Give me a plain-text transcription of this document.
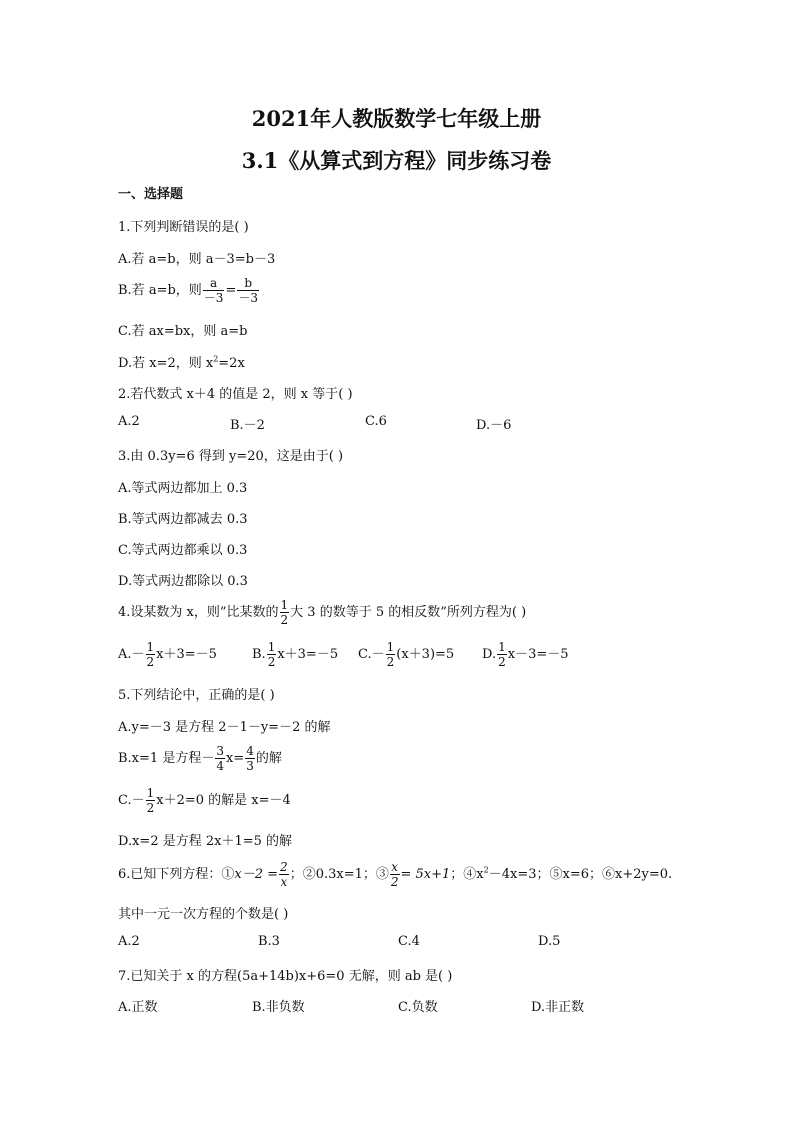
2021年人教版数学七年级上册
3.1《从算式到方程》同步练习卷
一、选择题
1.下列判断错误的是( )
A.若 a=b，则 a－3=b－3
B.若 a=b，则 $\frac{a}{-3} = \frac{b}{-3}$
C.若 ax=bx，则 a=b
D.若 x=2，则 $x^2=2x$
2.若代数式 x＋4 的值是 2，则 x 等于( )
A.2	B.－2	C.6	D.－6
3.由 0.3y=6 得到 y=20，这是由于( )
A.等式两边都加上 0.3
B.等式两边都减去 0.3
C.等式两边都乘以 0.3
D.等式两边都除以 0.3
4.设某数为 x，则”比某数的 $\frac{1}{2}$ 大 3 的数等于 5 的相反数”所列方程为( )
$A.- \frac{1}{2} x+3=-5$	B. $\frac{1}{2} x+3=-5$ $C.- \frac{1}{2} (x+3)=5$ D. $\frac{1}{2} x-3=-5$
5.下列结论中，正确的是( )
A.y=－3 是方程 2－1－y=－2 的解
B.x=1 是方程－ $\frac{3}{4} x= \frac{4}{3}$ 的解
$C.- \frac{1}{2} x+2=0$ 的解是 x=－4
D.x=2 是方程 2x＋1=5 的解
6.已知下列方程：①x－2 = $\frac{2}{x}$ ；②0.3x=1；③ $\frac{x}{2} = 5x+1$；$④x^2-4x=3$；⑤x=6；⑥x+2y=0.
其中一元一次方程的个数是( )
A.2	B.3	C.4	D.5
7.已知关于 x 的方程(5a+14b)x+6=0 无解，则 ab 是( )
A.正数	B.非负数	C.负数	D.非正数
